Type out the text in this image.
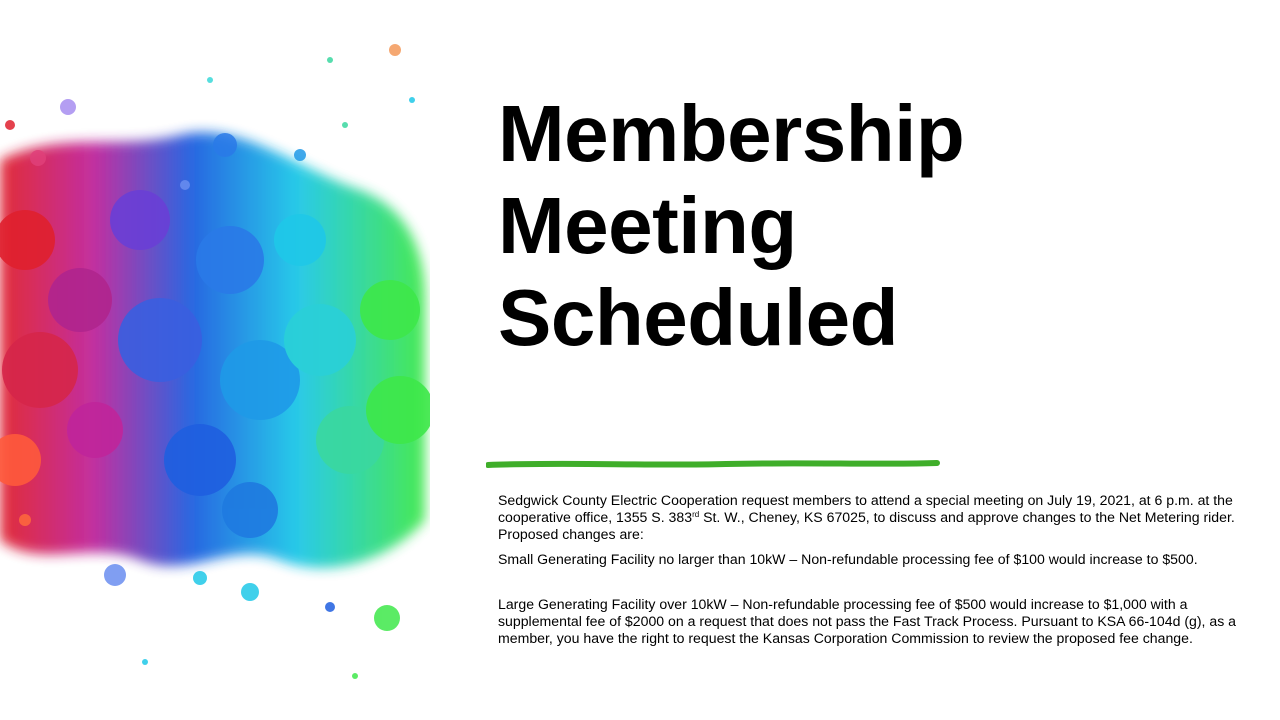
Membership
Meeting
Scheduled

Sedgwick County Electric Cooperation request members to attend a special meeting on July 19, 2021, at 6 p.m. at the cooperative office, 1355 S. 383rd St. W., Cheney, KS 67025, to discuss and approve changes to the Net Metering rider. Proposed changes are:

Small Generating Facility no larger than 10kW – Non-refundable processing fee of $100 would increase to $500.

Large Generating Facility over 10kW – Non-refundable processing fee of $500 would increase to $1,000 with a supplemental fee of $2000 on a request that does not pass the Fast Track Process. Pursuant to KSA 66-104d (g), as a member, you have the right to request the Kansas Corporation Commission to review the proposed fee change.
